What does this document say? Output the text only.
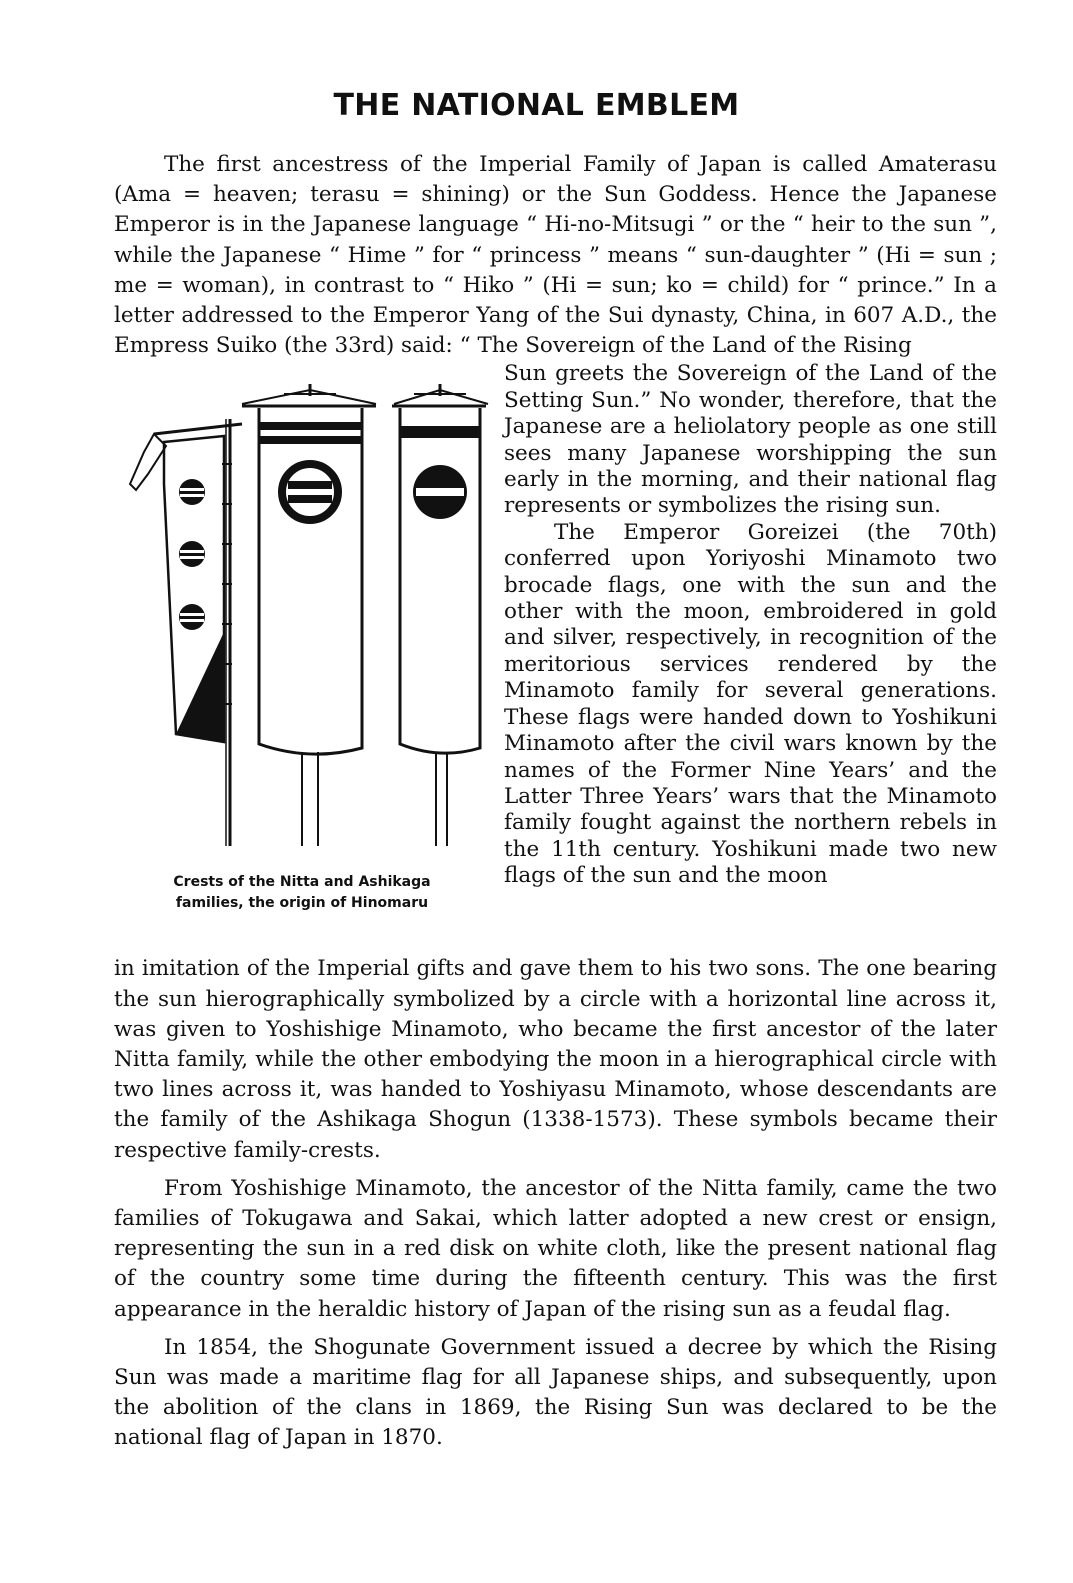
THE NATIONAL EMBLEM

The first ancestress of the Imperial Family of Japan is called Amaterasu (Ama = heaven; terasu = shining) or the Sun Goddess. Hence the Japanese Emperor is in the Japanese language “ Hi-no-Mitsugi ” or the “ heir to the sun ”, while the Japanese “ Hime ” for “ princess ” means “ sun-daughter ” (Hi = sun ; me = woman), in contrast to “ Hiko ” (Hi = sun; ko = child) for “ prince.” In a letter addressed to the Emperor Yang of the Sui dynasty, China, in 607 A.D., the Empress Suiko (the 33rd) said: “ The Sovereign of the Land of the Rising

Crests of the Nitta and Ashikaga
families, the origin of Hinomaru

Sun greets the Sovereign of the Land of the Setting Sun.” No wonder, therefore, that the Japanese are a heliolatory people as one still sees many Japanese worshipping the sun early in the morning, and their national flag represents or symbolizes the rising sun.

The Emperor Goreizei (the 70th) conferred upon Yoriyoshi Minamoto two brocade flags, one with the sun and the other with the moon, embroidered in gold and silver, respectively, in recognition of the meritorious services rendered by the Minamoto family for several generations. These flags were handed down to Yoshikuni Minamoto after the civil wars known by the names of the Former Nine Years’ and the Latter Three Years’ wars that the Minamoto family fought against the northern rebels in the 11th century. Yoshikuni made two new flags of the sun and the moon

in imitation of the Imperial gifts and gave them to his two sons. The one bearing the sun hierographically symbolized by a circle with a horizontal line across it, was given to Yoshishige Minamoto, who became the first ancestor of the later Nitta family, while the other embodying the moon in a hierographical circle with two lines across it, was handed to Yoshiyasu Minamoto, whose descendants are the family of the Ashikaga Shogun (1338-1573). These symbols became their respective family-crests.

From Yoshishige Minamoto, the ancestor of the Nitta family, came the two families of Tokugawa and Sakai, which latter adopted a new crest or ensign, representing the sun in a red disk on white cloth, like the present national flag of the country some time during the fifteenth century. This was the first appearance in the heraldic history of Japan of the rising sun as a feudal flag.

In 1854, the Shogunate Government issued a decree by which the Rising Sun was made a maritime flag for all Japanese ships, and subsequently, upon the abolition of the clans in 1869, the Rising Sun was declared to be the national flag of Japan in 1870.
